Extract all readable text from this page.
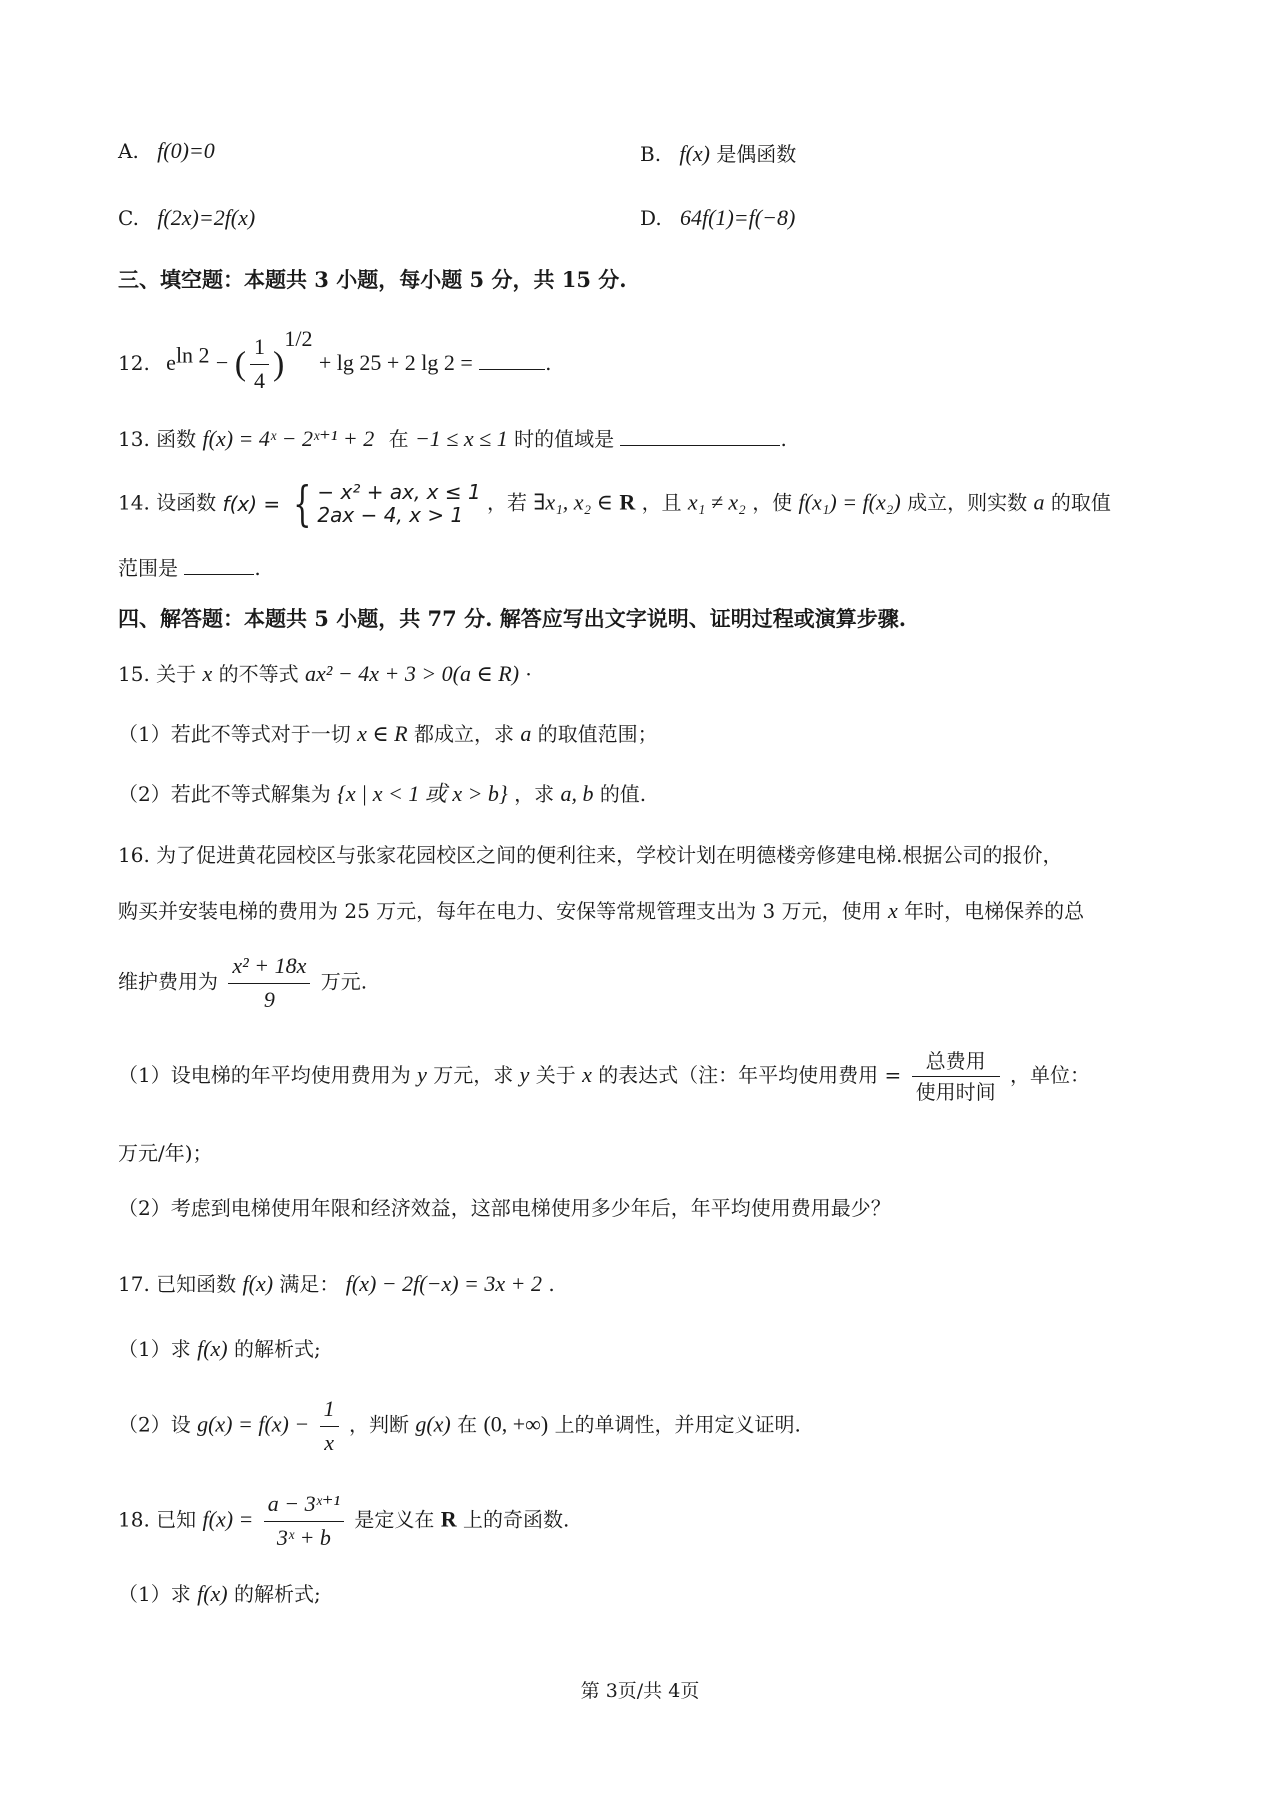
A. f(0)=0	B. f(x) 是偶函数
C. f(2x)=2f(x)	D. 64f(1)=f(−8)
三、填空题：本题共 3 小题，每小题 5 分，共 15 分.
12. $e^{ln 2}$ − ( $\frac{1}{4} )^{1/2} + \lg 25 + 2$ lg 2 =	.
13. 函数 f(x) = 4ˣ − 2ˣ⁺¹ + 2 在 −1 ≤ x ≤ 1 时的值域是	.
14. 设函数 f(x) = { − x² + ax, x ≤ 1
2ax − 4, x > 1
，若 ∃x₁, x₂ ∈ R ，且 x₁ ≠ x₂ ，使 f(x₁) = f(x₂) 成立，则实数 a 的取值
范围是	.
四、解答题：本题共 5 小题，共 77 分. 解答应写出文字说明、证明过程或演算步骤.
15. 关于 x 的不等式 ax² − 4x + 3 > 0(a ∈ R) ·
（1）若此不等式对于一切 x ∈ R 都成立，求 a 的取值范围；
（2）若此不等式解集为 {x | x < 1 或 x > b} ，求 a, b 的值.
16. 为了促进黄花园校区与张家花园校区之间的便利往来，学校计划在明德楼旁修建电梯.根据公司的报价，
购买并安装电梯的费用为 25 万元，每年在电力、安保等常规管理支出为 3 万元，使用 x 年时，电梯保养的总
维护费用为 $\frac{\text{x² + 18x}}{9}$ 万元.
（1）设电梯的年平均使用费用为 y 万元，求 y 关于 x 的表达式（注：年平均使用费用 = $\frac{\text{总费用}}{\text{使用时间}}$ ，单位：
万元/年)；
（2）考虑到电梯使用年限和经济效益，这部电梯使用多少年后，年平均使用费用最少？
17. 已知函数 f(x) 满足： f(x) − 2f(−x) = 3x + 2 .
（1）求 f(x) 的解析式;
（2）设 $g(x) = f(x) - \frac{1}{x}$ ，判断 g(x) 在 (0, +∞) 上的单调性，并用定义证明.
18. 已知 $f(x) = \frac{\text{a − 3ˣ⁺¹}}{\text{3ˣ + b}}$ 是定义在 R 上的奇函数.
（1）求 f(x) 的解析式;
第 3页/共 4页
